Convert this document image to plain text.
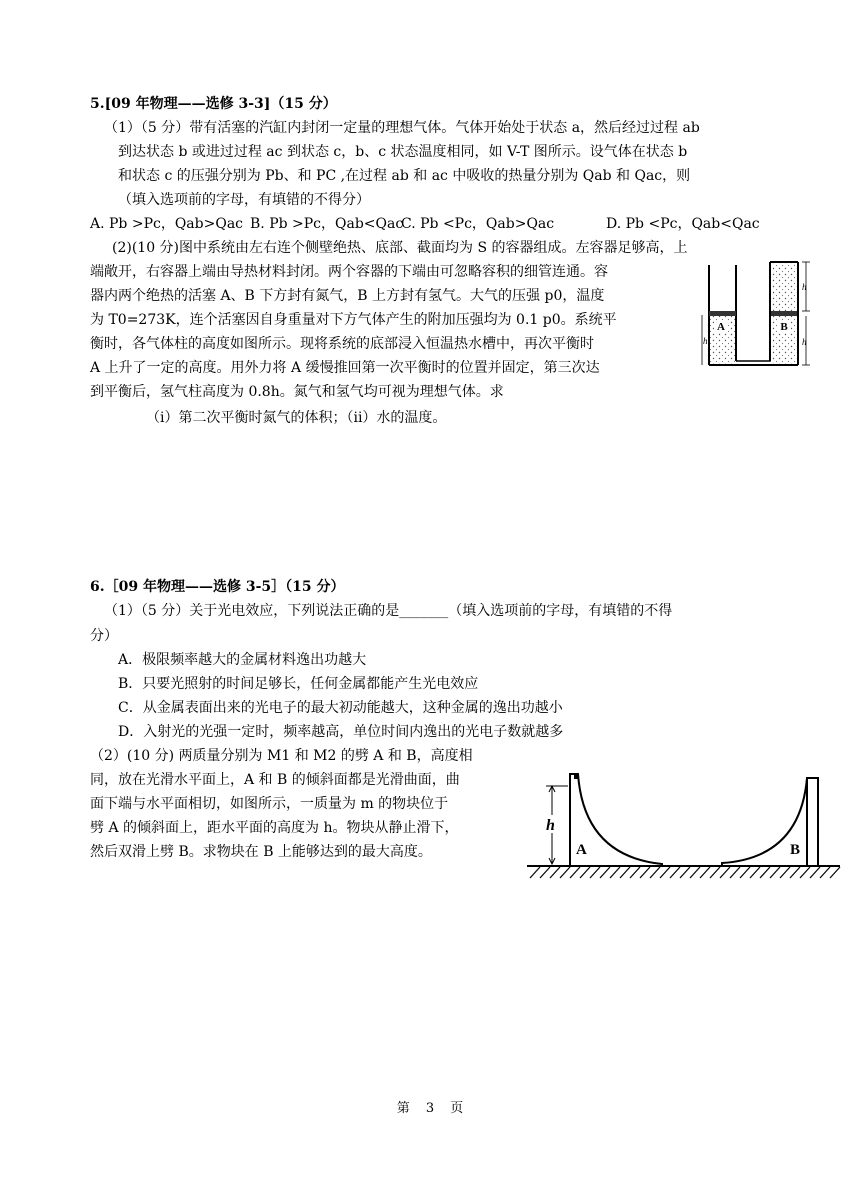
5.[09 年物理——选修 3-3]（15 分）
（1）（5 分）带有活塞的汽缸内封闭一定量的理想气体。气体开始处于状态 a，然后经过过程 ab
到达状态 b 或进过过程 ac 到状态 c，b、c 状态温度相同，如 V-T 图所示。设气体在状态 b
和状态 c 的压强分别为 Pb、和 PC ,在过程 ab 和 ac 中吸收的热量分别为 Qab 和 Qac，则
（填入选项前的字母，有填错的不得分）
A. Pb >Pc，Qab>Qac B. Pb >Pc，Qab<Qac
C. Pb <Pc，Qab>Qac	D. Pb <Pc，Qab<Qac
(2)(10 分)图中系统由左右连个侧壁绝热、底部、截面均为 S 的容器组成。左容器足够高，上
端敞开，右容器上端由导热材料封闭。两个容器的下端由可忽略容积的细管连通。容
器内两个绝热的活塞 A、B 下方封有氮气，B 上方封有氢气。大气的压强 p0，温度
为 T0=273K，连个活塞因自身重量对下方气体产生的附加压强均为 0.1 p0。系统平
衡时，各气体柱的高度如图所示。现将系统的底部浸入恒温热水槽中，再次平衡时
A 上升了一定的高度。用外力将 A 缓慢推回第一次平衡时的位置并固定，第三次达
到平衡后，氢气柱高度为 0.8h。氮气和氢气均可视为理想气体。求
（i）第二次平衡时氮气的体积；（ii）水的温度。
A	B
h
h
h
6.［09 年物理——选修 3-5］（15 分）
（1）（5 分）关于光电效应，下列说法正确的是_______（填入选项前的字母，有填错的不得
分）
A．极限频率越大的金属材料逸出功越大
B．只要光照射的时间足够长，任何金属都能产生光电效应
C．从金属表面出来的光电子的最大初动能越大，这种金属的逸出功越小
D．入射光的光强一定时，频率越高，单位时间内逸出的光电子数就越多
（2）(10 分) 两质量分别为 M1 和 M2 的劈 A 和 B，高度相
同，放在光滑水平面上，A 和 B 的倾斜面都是光滑曲面，曲
面下端与水平面相切，如图所示，一质量为 m 的物块位于
劈 A 的倾斜面上，距水平面的高度为 h。物块从静止滑下，
然后双滑上劈 B。求物块在 B 上能够达到的最大高度。	A	B
h
第 3 页
